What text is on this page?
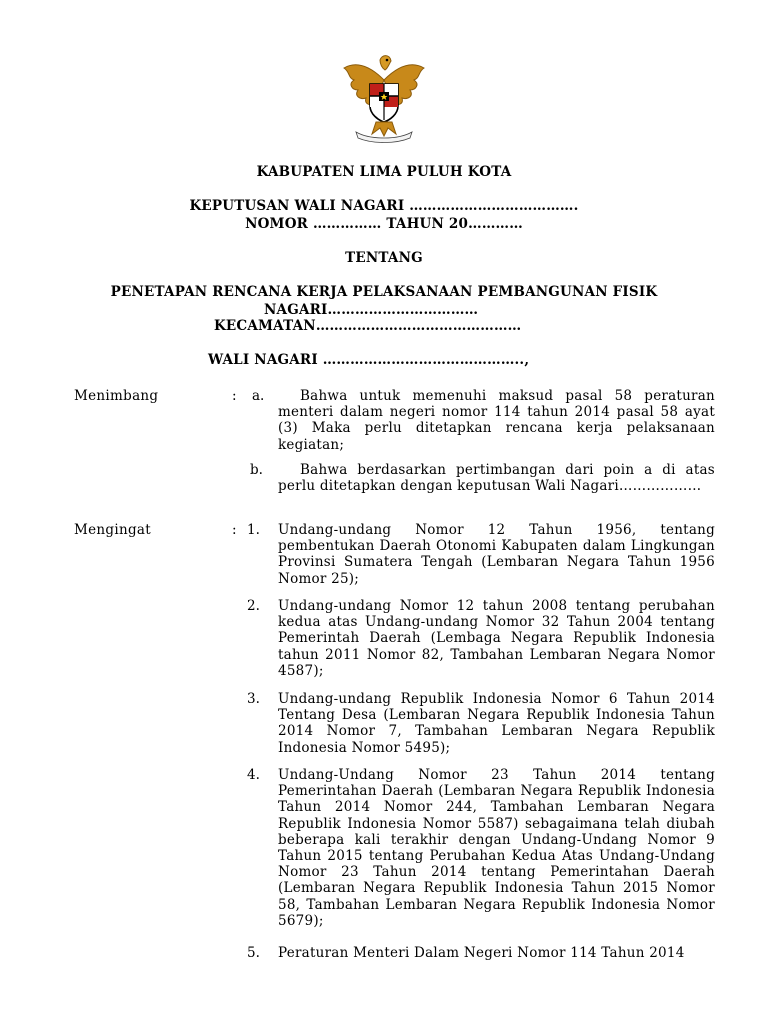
KABUPATEN LIMA PULUH KOTA
KEPUTUSAN WALI NAGARI ……………………………….
NOMOR …………… TAHUN 20…………
TENTANG
PENETAPAN RENCANA KERJA PELAKSANAAN PEMBANGUNAN FISIK
NAGARI……………………………
KECAMATAN………………………………………
WALI NAGARI ……………………………………..,
Menimbang	: a.	Bahwa untuk memenuhi maksud pasal 58 peraturan menteri dalam negeri nomor 114 tahun 2014 pasal 58 ayat (3) Maka perlu ditetapkan rencana kerja pelaksanaan kegiatan;
b.	Bahwa berdasarkan pertimbangan dari poin a di atas perlu ditetapkan dengan keputusan Wali Nagari………………
Mengingat	: 1. Undang-undang Nomor 12 Tahun 1956, tentang pembentukan Daerah Otonomi Kabupaten dalam Lingkungan Provinsi Sumatera Tengah (Lembaran Negara Tahun 1956 Nomor 25);
2. Undang-undang Nomor 12 tahun 2008 tentang perubahan kedua atas Undang-undang Nomor 32 Tahun 2004 tentang Pemerintah Daerah (Lembaga Negara Republik Indonesia tahun 2011 Nomor 82, Tambahan Lembaran Negara Nomor 4587);
3. Undang-undang Republik Indonesia Nomor 6 Tahun 2014 Tentang Desa (Lembaran Negara Republik Indonesia Tahun 2014 Nomor 7, Tambahan Lembaran Negara Republik Indonesia Nomor 5495);
4. Undang-Undang Nomor 23 Tahun 2014 tentang Pemerintahan Daerah (Lembaran Negara Republik Indonesia Tahun 2014 Nomor 244, Tambahan Lembaran Negara Republik Indonesia Nomor 5587) sebagaimana telah diubah beberapa kali terakhir dengan Undang-Undang Nomor 9 Tahun 2015 tentang Perubahan Kedua Atas Undang-Undang Nomor 23 Tahun 2014 tentang Pemerintahan Daerah (Lembaran Negara Republik Indonesia Tahun 2015 Nomor 58, Tambahan Lembaran Negara Republik Indonesia Nomor 5679);
5. Peraturan Menteri Dalam Negeri Nomor 114 Tahun 2014
